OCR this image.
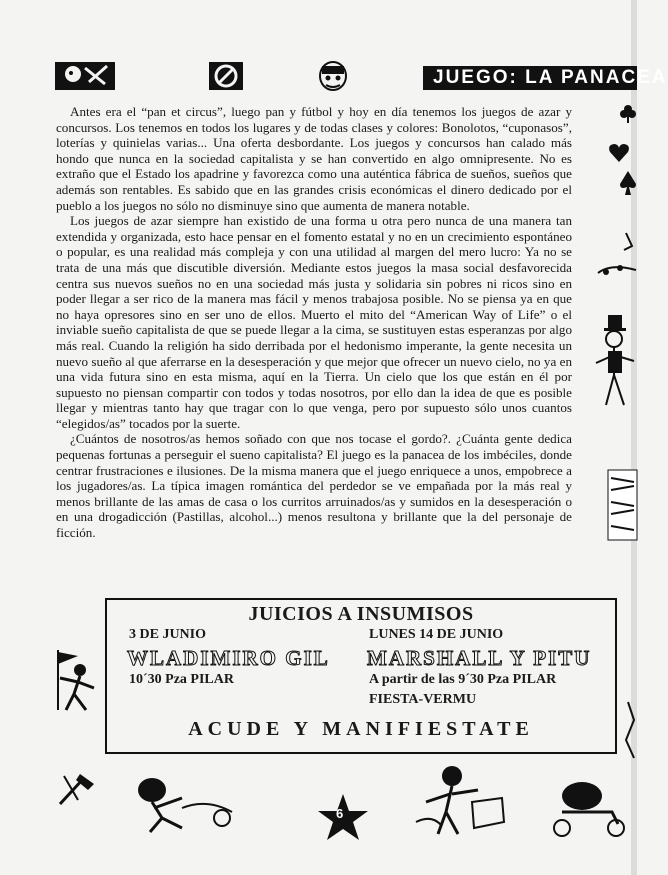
JUEGO: LA PANACEA

Antes era el “pan et circus”, luego pan y fútbol y hoy en día tenemos los juegos de azar y concursos. Los tenemos en todos los lugares y de todas clases y colores: Bonolotos, “cuponasos”, loterías y quinielas varias... Una oferta desbordante. Los juegos y concursos han calado más hondo que nunca en la sociedad capitalista y se han convertido en algo omnipresente. No es extraño que el Estado los apadrine y favorezca como una auténtica fábrica de sueños, sueños que además son rentables. Es sabido que en las grandes crisis económicas el dinero dedicado por el pueblo a los juegos no sólo no disminuye sino que aumenta de manera notable.

Los juegos de azar siempre han existido de una forma u otra pero nunca de una manera tan extendida y organizada, esto hace pensar en el fomento estatal y no en un crecimiento espontáneo o popular, es una realidad más compleja y con una utilidad al margen del mero lucro: Ya no se trata de una más que discutible diversión. Mediante estos juegos la masa social desfavorecida centra sus nuevos sueños no en una sociedad más justa y solidaria sin pobres ni ricos sino en poder llegar a ser rico de la manera mas fácil y menos trabajosa posible. No se piensa ya en que no haya opresores sino en ser uno de ellos. Muerto el mito del “American Way of Life” o el inviable sueño capitalista de que se puede llegar a la cima, se sustituyen estas esperanzas por algo más real. Cuando la religión ha sido derribada por el hedonismo imperante, la gente necesita un nuevo sueño al que aferrarse en la desesperación y que mejor que ofrecer un nuevo cielo, no ya en una vida futura sino en esta misma, aquí en la Tierra. Un cielo que los que están en él por supuesto no piensan compartir con todos y todas nosotros, por ello dan la idea de que es posible llegar y mientras tanto hay que tragar con lo que venga, pero por supuesto sólo unos cuantos “elegidos/as” tocados por la suerte.

¿Cuántos de nosotros/as hemos soñado con que nos tocase el gordo?. ¿Cuánta gente dedica pequenas fortunas a perseguir el sueno capitalista? El juego es la panacea de los imbéciles, donde centrar frustraciones e ilusiones. De la misma manera que el juego enriquece a unos, empobrece a los jugadores/as. La típica imagen romántica del perdedor se ve empañada por la más real y menos brillante de las amas de casa o los curritos arruinados/as y sumidos en la desesperación o en una drogadicción (Pastillas, alcohol...) menos resultona y brillante que la del personaje de ficción.

JUICIOS A INSUMISOS
3 DE JUNIO
WLADIMIRO GIL
10´30 Pza PILAR
LUNES 14 DE JUNIO
MARSHALL Y PITU
A partir de las 9´30 Pza PILAR
FIESTA-VERMU
ACUDE Y MANIFIESTATE
6
